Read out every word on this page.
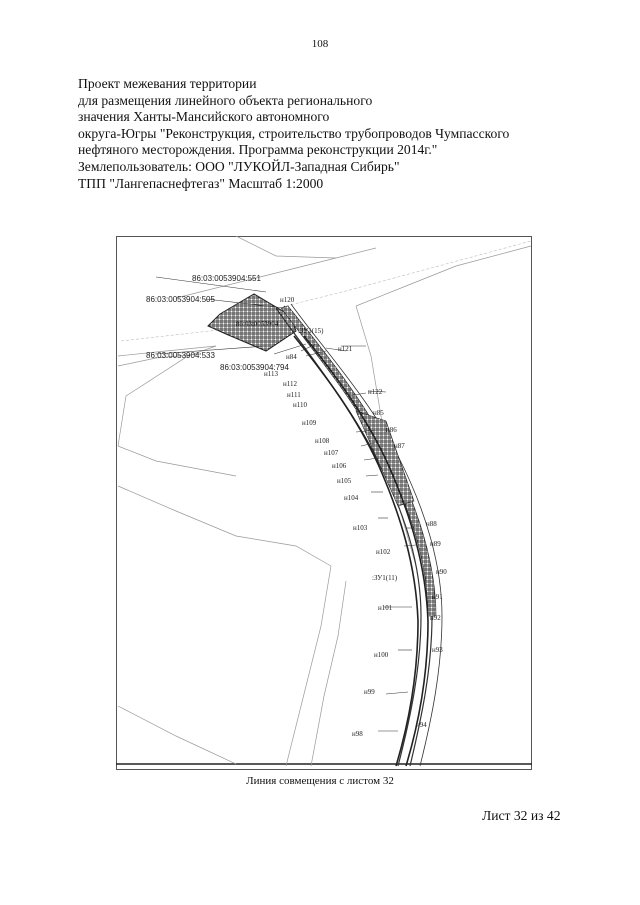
108
Проект межевания территории
для размещения линейного объекта регионального
значения Ханты-Мансийского автономного
округа-Югры "Реконструкция, строительство трубопроводов Чумпасского
нефтяного месторождения. Программа реконструкции 2014г."
Землепользователь: ООО "ЛУКОЙЛ-Западная Сибирь"
ТПП "Лангепаснефтегаз" Масштаб 1:2000
86:03:0053904:551
86:03:0053904:505
86:03:0053904:533
86:03:0053904:794
86:03:0053904
:ЗУ1(15)
:ЗУ1(11)
н84
н113
н112
н111
н110
н109
н108
н107
н106
н105
н104
н103
н102
н101
н100
н99
н98
н120
н121
н122
н85
н86
н87
н88
н89
н90
н91
н92
н93
н94
Линия совмещения с листом 32
Лист 32 из 42
